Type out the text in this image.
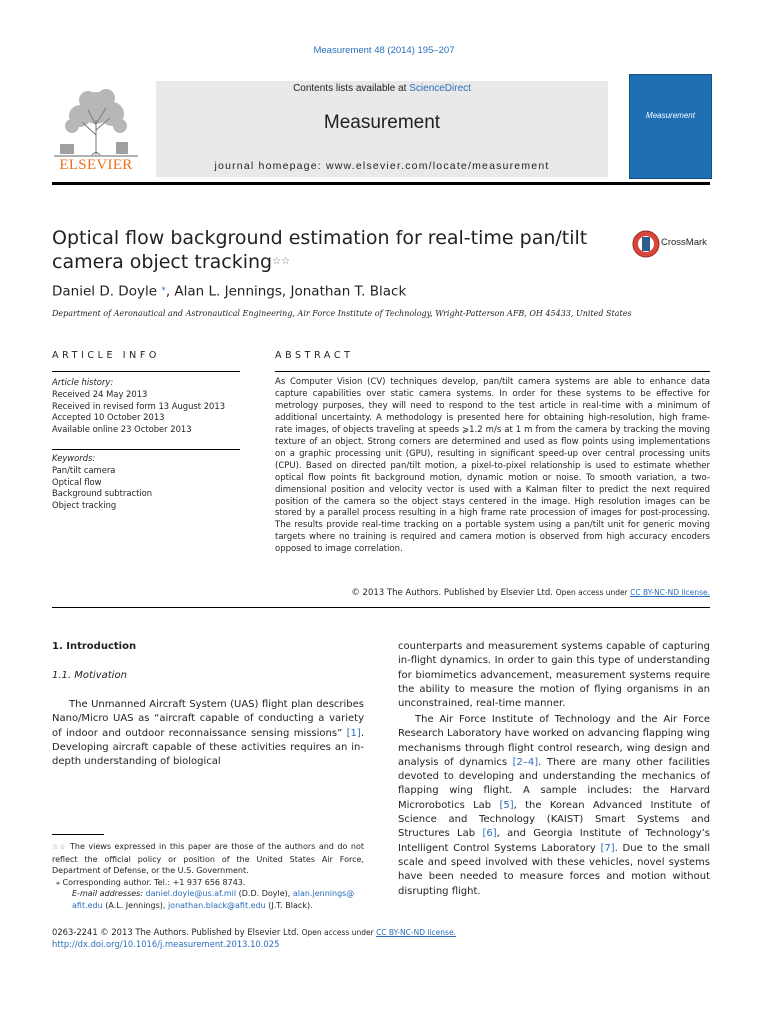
Measurement 48 (2014) 195–207
Contents lists available at ScienceDirect
Measurement
journal homepage: www.elsevier.com/locate/measurement
ELSEVIER
Measurement
Optical flow background estimation for real-time pan/tilt
camera object tracking☆☆
CrossMark
Daniel D. Doyle ⁎, Alan L. Jennings, Jonathan T. Black
Department of Aeronautical and Astronautical Engineering, Air Force Institute of Technology, Wright-Patterson AFB, OH 45433, United States
ARTICLE INFO	ABSTRACT
Article history:
Received 24 May 2013
Received in revised form 13 August 2013
Accepted 10 October 2013
Available online 23 October 2013
Keywords:
Pan/tilt camera
Optical flow
Background subtraction
Object tracking

As Computer Vision (CV) techniques develop, pan/tilt camera systems are able to enhance data capture capabilities over static camera systems. In order for these systems to be effective for metrology purposes, they will need to respond to the test article in real-time with a minimum of additional uncertainty. A methodology is presented here for obtaining high-resolution, high frame-rate images, of objects traveling at speeds ⩾1.2 m/s at 1 m from the camera by tracking the moving texture of an object. Strong corners are determined and used as flow points using implementations on a graphic processing unit (GPU), resulting in significant speed-up over central processing units (CPU). Based on directed pan/tilt motion, a pixel-to-pixel relationship is used to estimate whether optical flow points fit background motion, dynamic motion or noise. To smooth variation, a two-dimensional position and velocity vector is used with a Kalman filter to predict the next required position of the camera so the object stays centered in the image. High resolution images can be stored by a parallel process resulting in a high frame rate procession of images for post-processing. The results provide real-time tracking on a portable system using a pan/tilt unit for generic moving targets where no training is required and camera motion is observed from high accuracy encoders opposed to image correlation.

© 2013 The Authors. Published by Elsevier Ltd. Open access under CC BY-NC-ND license.
1. Introduction
1.1. Motivation

The Unmanned Aircraft System (UAS) flight plan describes Nano/Micro UAS as “aircraft capable of conducting a variety of indoor and outdoor reconnaissance sensing missions” [1]. Developing aircraft capable of these activities requires an in-depth understanding of biological

counterparts and measurement systems capable of capturing in-flight dynamics. In order to gain this type of understanding for biomimetics advancement, measurement systems require the ability to measure the motion of flying organisms in an unconstrained, real-time manner.

The Air Force Institute of Technology and the Air Force Research Laboratory have worked on advancing flapping wing mechanisms through flight control research, wing design and analysis of dynamics [2–4]. There are many other facilities devoted to developing and understanding the mechanics of flapping wing flight. A sample includes: the Harvard Microrobotics Lab [5], the Korean Advanced Institute of Science and Technology (KAIST) Smart Systems and Structures Lab [6], and Georgia Institute of Technology’s Intelligent Control Systems Laboratory [7]. Due to the small scale and speed involved with these vehicles, novel systems have been needed to measure forces and motion without disrupting flight.

☆☆ The views expressed in this paper are those of the authors and do not reflect the official policy or position of the United States Air Force, Department of Defense, or the U.S. Government.
⁎ Corresponding author. Tel.: +1 937 656 8743.
E-mail addresses: daniel.doyle@us.af.mil (D.D. Doyle), alan.jennings@
afit.edu (A.L. Jennings), jonathan.black@afit.edu (J.T. Black).
0263-2241 © 2013 The Authors. Published by Elsevier Ltd. Open access under CC BY-NC-ND license.
http://dx.doi.org/10.1016/j.measurement.2013.10.025
